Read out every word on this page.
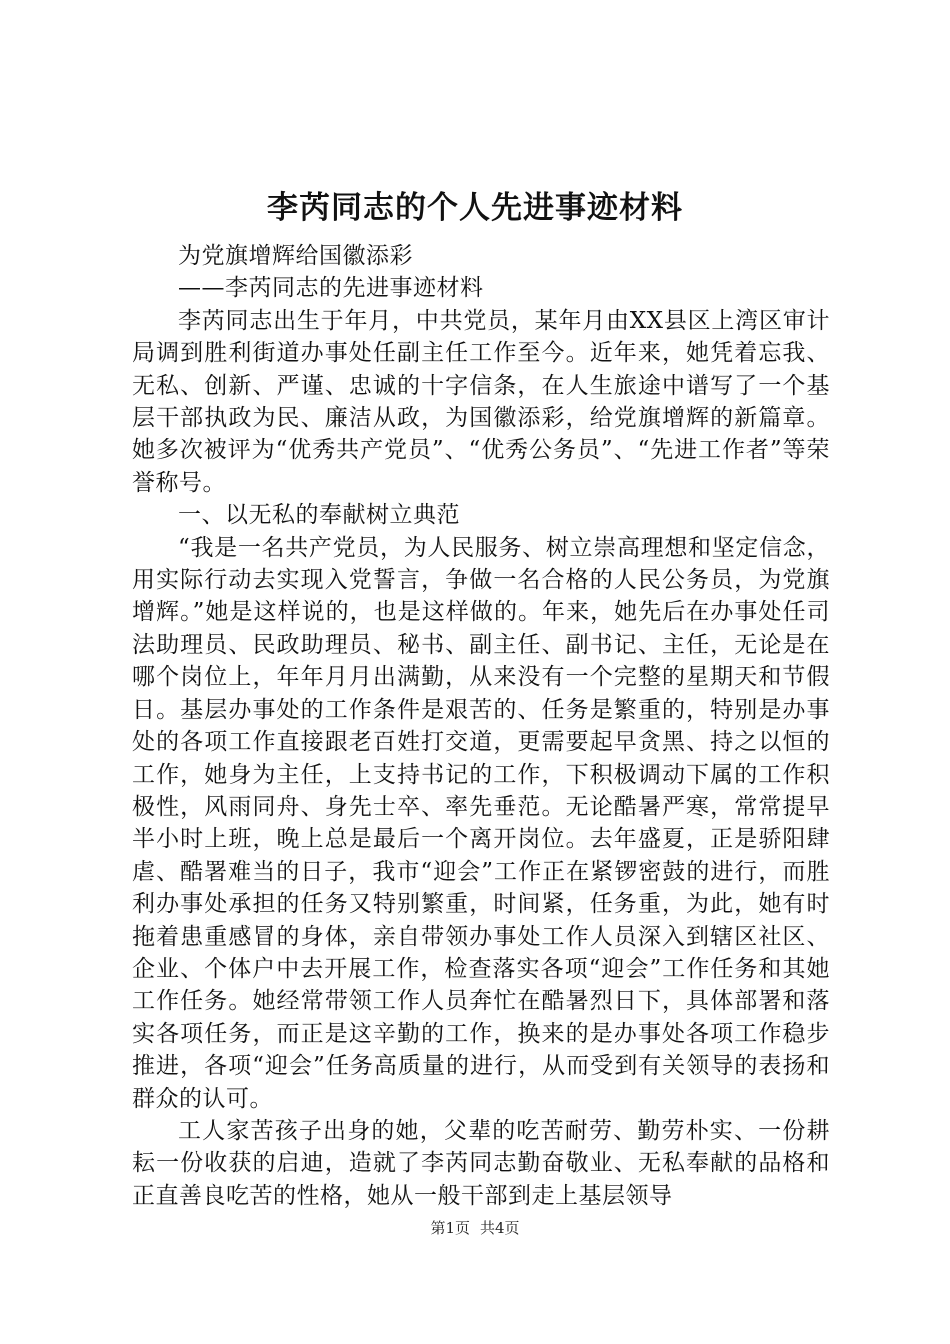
李芮同志的个人先进事迹材料

为党旗增辉给国徽添彩

——李芮同志的先进事迹材料

李芮同志出生于年月，中共党员，某年月由XX县区上湾区审计局调到胜利街道办事处任副主任工作至今。近年来，她凭着忘我、无私、创新、严谨、忠诚的十字信条，在人生旅途中谱写了一个基层干部执政为民、廉洁从政，为国徽添彩，给党旗增辉的新篇章。她多次被评为“优秀共产党员”、“优秀公务员”、“先进工作者”等荣誉称号。

一、以无私的奉献树立典范

“我是一名共产党员，为人民服务、树立崇高理想和坚定信念，用实际行动去实现入党誓言，争做一名合格的人民公务员，为党旗增辉。”她是这样说的，也是这样做的。年来，她先后在办事处任司法助理员、民政助理员、秘书、副主任、副书记、主任，无论是在哪个岗位上，年年月月出满勤，从来没有一个完整的星期天和节假日。基层办事处的工作条件是艰苦的、任务是繁重的，特别是办事处的各项工作直接跟老百姓打交道，更需要起早贪黑、持之以恒的工作，她身为主任，上支持书记的工作，下积极调动下属的工作积极性，风雨同舟、身先士卒、率先垂范。无论酷暑严寒，常常提早半小时上班，晚上总是最后一个离开岗位。去年盛夏，正是骄阳肆虐、酷署难当的日子，我市“迎会”工作正在紧锣密鼓的进行，而胜利办事处承担的任务又特别繁重，时间紧，任务重，为此，她有时拖着患重感冒的身体，亲自带领办事处工作人员深入到辖区社区、企业、个体户中去开展工作，检查落实各项“迎会”工作任务和其她工作任务。她经常带领工作人员奔忙在酷暑烈日下，具体部署和落实各项任务，而正是这辛勤的工作，换来的是办事处各项工作稳步推进，各项“迎会”任务高质量的进行，从而受到有关领导的表扬和群众的认可。

工人家苦孩子出身的她，父辈的吃苦耐劳、勤劳朴实、一份耕耘一份收获的启迪，造就了李芮同志勤奋敬业、无私奉献的品格和正直善良吃苦的性格，她从一般干部到走上基层领导

第1页 共4页
